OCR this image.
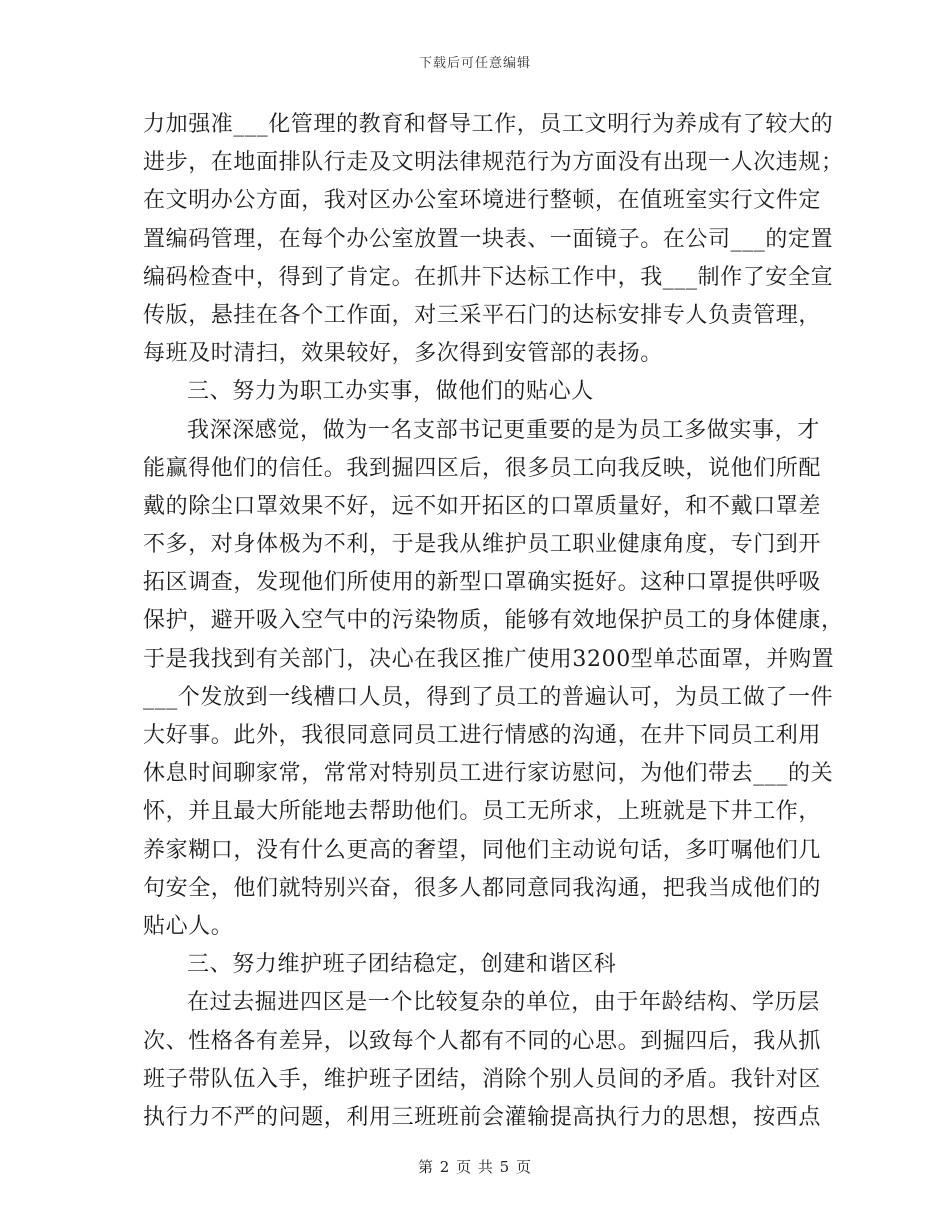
下载后可任意编辑
力加强准___化管理的教育和督导工作，员工文明行为养成有了较大的
进步，在地面排队行走及文明法律规范行为方面没有出现一人次违规；
在文明办公方面，我对区办公室环境进行整顿，在值班室实行文件定
置编码管理，在每个办公室放置一块表、一面镜子。在公司___的定置
编码检查中，得到了肯定。在抓井下达标工作中，我___制作了安全宣
传版，悬挂在各个工作面，对三采平石门的达标安排专人负责管理，
每班及时清扫，效果较好，多次得到安管部的表扬。
三、努力为职工办实事，做他们的贴心人
我深深感觉，做为一名支部书记更重要的是为员工多做实事，才
能赢得他们的信任。我到掘四区后，很多员工向我反映，说他们所配
戴的除尘口罩效果不好，远不如开拓区的口罩质量好，和不戴口罩差
不多，对身体极为不利，于是我从维护员工职业健康角度，专门到开
拓区调查，发现他们所使用的新型口罩确实挺好。这种口罩提供呼吸
保护，避开吸入空气中的污染物质，能够有效地保护员工的身体健康，
于是我找到有关部门，决心在我区推广使用3200型单芯面罩，并购置
___个发放到一线槽口人员，得到了员工的普遍认可，为员工做了一件
大好事。此外，我很同意同员工进行情感的沟通，在井下同员工利用
休息时间聊家常，常常对特别员工进行家访慰问，为他们带去___的关
怀，并且最大所能地去帮助他们。员工无所求，上班就是下井工作，
养家糊口，没有什么更高的奢望，同他们主动说句话，多叮嘱他们几
句安全，他们就特别兴奋，很多人都同意同我沟通，把我当成他们的
贴心人。
三、努力维护班子团结稳定，创建和谐区科
在过去掘进四区是一个比较复杂的单位，由于年龄结构、学历层
次、性格各有差异，以致每个人都有不同的心思。到掘四后，我从抓
班子带队伍入手，维护班子团结，消除个别人员间的矛盾。我针对区
执行力不严的问题，利用三班班前会灌输提高执行力的思想，按西点
第 2 页 共 5 页
